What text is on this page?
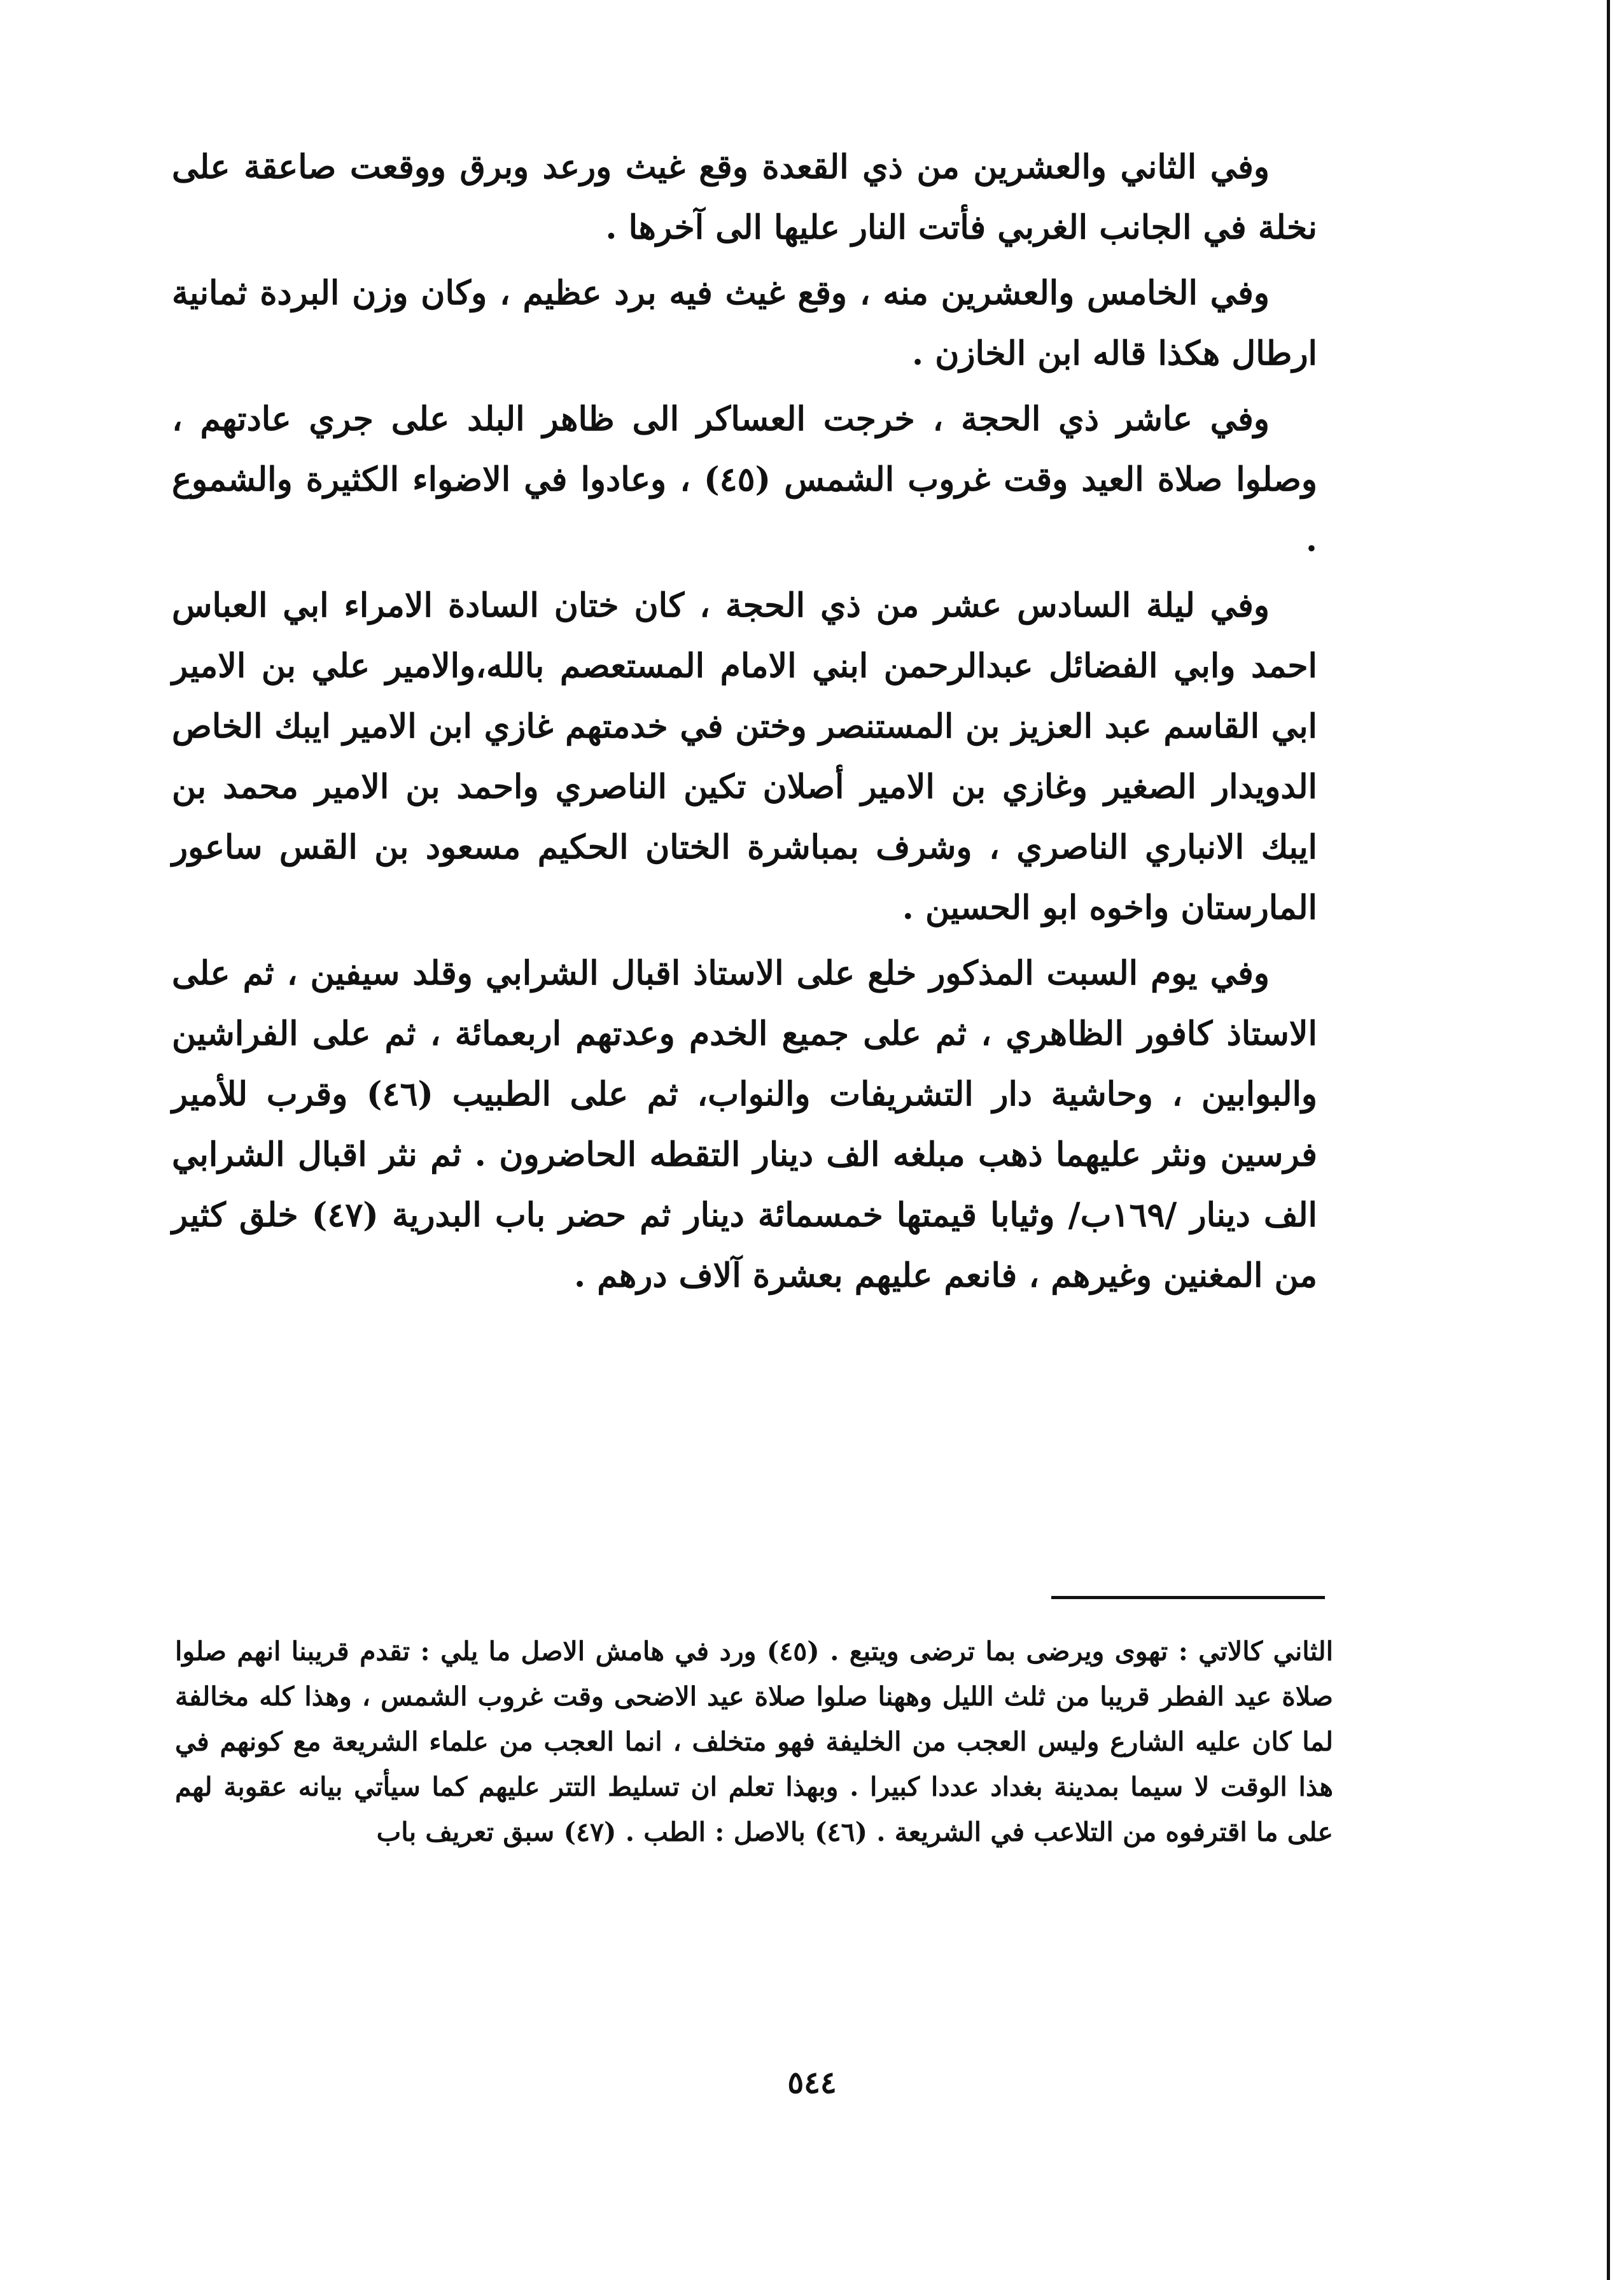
وفي الثاني والعشرين من ذي القعدة وقع غيث ورعد وبرق ووقعت صاعقة على نخلة في الجانب الغربي فأتت النار عليها الى آخرها .

وفي الخامس والعشرين منه ، وقع غيث فيه برد عظيم ، وكان وزن البردة ثمانية ارطال هكذا قاله ابن الخازن .

وفي عاشر ذي الحجة ، خرجت العساكر الى ظاهر البلد على جري عادتهم ، وصلوا صلاة العيد وقت غروب الشمس (٤٥) ، وعادوا في الاضواء الكثيرة والشموع .

وفي ليلة السادس عشر من ذي الحجة ، كان ختان السادة الامراء ابي العباس احمد وابي الفضائل عبدالرحمن ابني الامام المستعصم بالله،والامير علي بن الامير ابي القاسم عبد العزيز بن المستنصر وختن في خدمتهم غازي ابن الامير ايبك الخاص الدويدار الصغير وغازي بن الامير أصلان تكين الناصري واحمد بن الامير محمد بن ايبك الانباري الناصري ، وشرف بمباشرة الختان الحكيم مسعود بن القس ساعور المارستان واخوه ابو الحسين .

وفي يوم السبت المذكور خلع على الاستاذ اقبال الشرابي وقلد سيفين ، ثم على الاستاذ كافور الظاهري ، ثم على جميع الخدم وعدتهم اربعمائة ، ثم على الفراشين والبوابين ، وحاشية دار التشريفات والنواب، ثم على الطبيب (٤٦) وقرب للأمير فرسين ونثر عليهما ذهب مبلغه الف دينار التقطه الحاضرون . ثم نثر اقبال الشرابي الف دينار /١٦٩ب/ وثيابا قيمتها خمسمائة دينار ثم حضر باب البدرية (٤٧) خلق كثير من المغنين وغيرهم ، فانعم عليهم بعشرة آلاف درهم .

الثاني كالاتي : تهوى ويرضى بما ترضى ويتبع . (٤٥) ورد في هامش الاصل ما يلي : تقدم قريبنا انهم صلوا صلاة عيد الفطر قريبا من ثلث الليل وههنا صلوا صلاة عيد الاضحى وقت غروب الشمس ، وهذا كله مخالفة لما كان عليه الشارع وليس العجب من الخليفة فهو متخلف ، انما العجب من علماء الشريعة مع كونهم في هذا الوقت لا سيما بمدينة بغداد عددا كبيرا . وبهذا تعلم ان تسليط التتر عليهم كما سيأتي بيانه عقوبة لهم على ما اقترفوه من التلاعب في الشريعة . (٤٦) بالاصل : الطب . (٤٧) سبق تعريف باب

٥٤٤
